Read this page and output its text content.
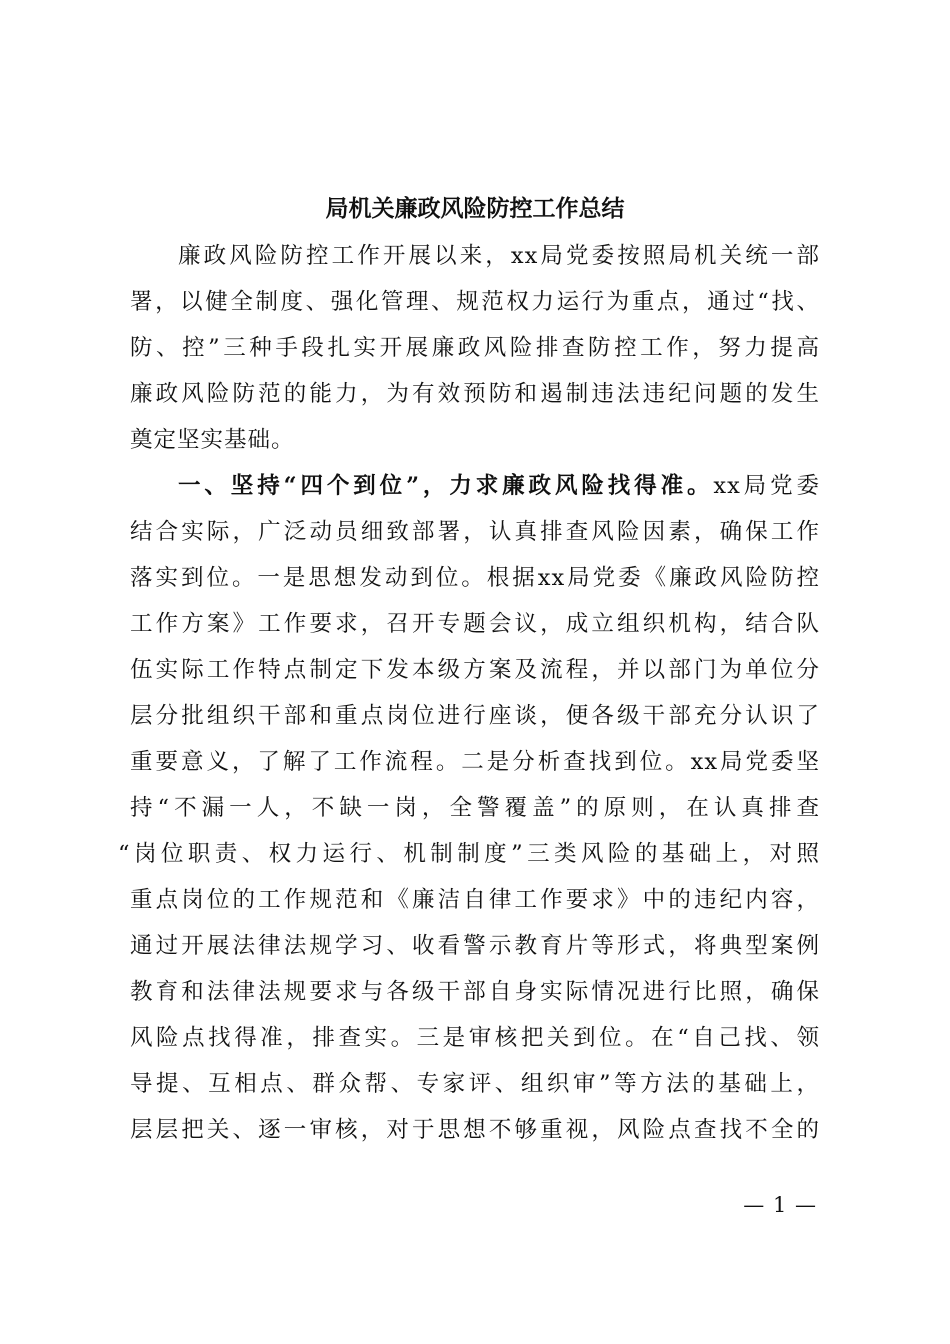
局机关廉政风险防控工作总结
廉政风险防控工作开展以来，xx局党委按照局机关统一部
署，以健全制度、强化管理、规范权力运行为重点，通过“找、
防、控”三种手段扎实开展廉政风险排查防控工作，努力提高
廉政风险防范的能力，为有效预防和遏制违法违纪问题的发生
奠定坚实基础。
一、坚持“四个到位”，力求廉政风险找得准。xx局党委
结合实际，广泛动员细致部署，认真排查风险因素，确保工作
落实到位。一是思想发动到位。根据xx局党委《廉政风险防控
工作方案》工作要求，召开专题会议，成立组织机构，结合队
伍实际工作特点制定下发本级方案及流程，并以部门为单位分
层分批组织干部和重点岗位进行座谈，便各级干部充分认识了
重要意义，了解了工作流程。二是分析查找到位。xx局党委坚
持“不漏一人，不缺一岗，全警覆盖”的原则，在认真排查
“岗位职责、权力运行、机制制度”三类风险的基础上，对照
重点岗位的工作规范和《廉洁自律工作要求》中的违纪内容，
通过开展法律法规学习、收看警示教育片等形式，将典型案例
教育和法律法规要求与各级干部自身实际情况进行比照，确保
风险点找得准，排查实。三是审核把关到位。在“自己找、领
导提、互相点、群众帮、专家评、组织审”等方法的基础上，
层层把关、逐一审核，对于思想不够重视，风险点查找不全的
— 1 —
